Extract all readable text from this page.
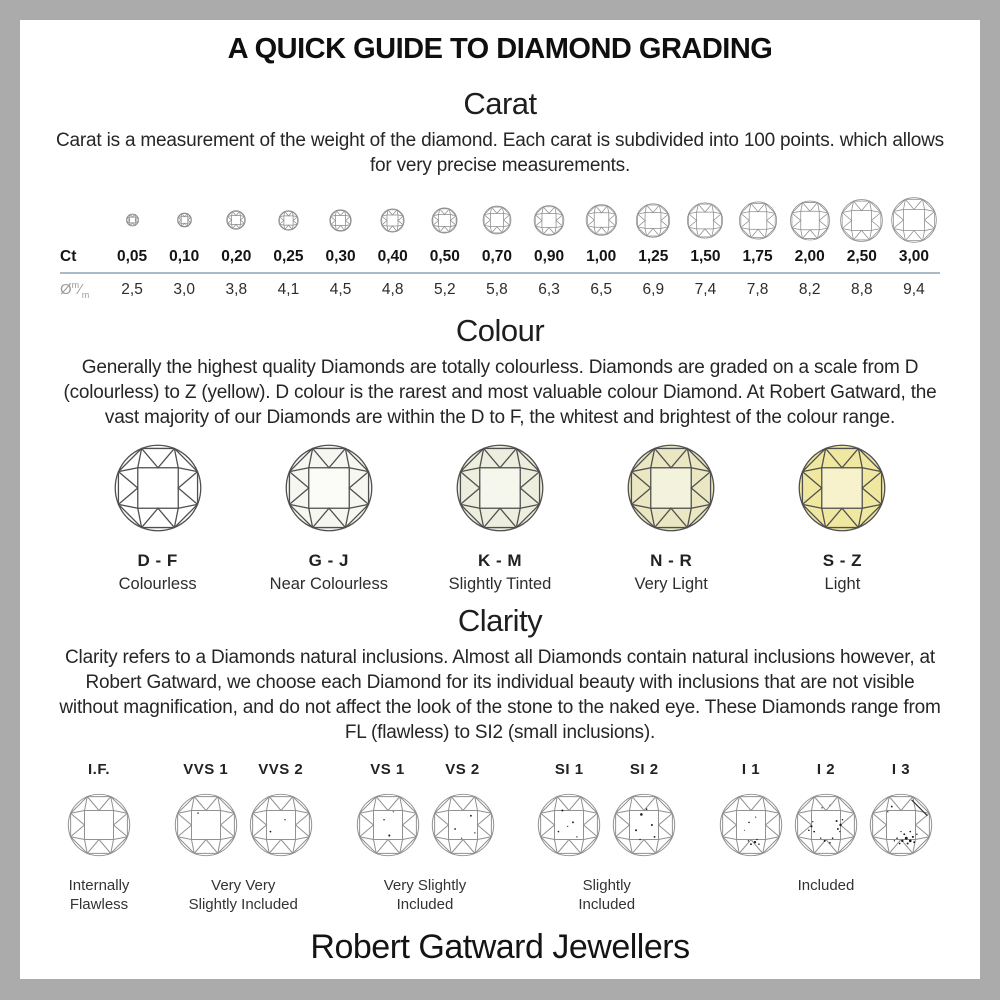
A QUICK GUIDE TO DIAMOND GRADING
Carat

Carat is a measurement of the weight of the diamond. Each carat is subdivided into 100 points. which allows for very precise measurements.

Ct	0,05	0,10	0,20	0,25	0,30	0,40	0,50	0,70	0,90	1,00	1,25	1,50	1,75	2,00	2,50	3,00
$Ø^m⁄_m$	2,5	3,0	3,8	4,1	4,5	4,8	5,2	5,8	6,3	6,5	6,9	7,4	7,8	8,2	8,8	9,4
Colour

Generally the highest quality Diamonds are totally colourless. Diamonds are graded on a scale from D (colourless) to Z (yellow). D colour is the rarest and most valuable colour Diamond. At Robert Gatward, the vast majority of our Diamonds are within the D to F, the whitest and brightest of the colour range.

D - F
Colourless
G - J
Near Colourless
K - M
Slightly Tinted
N - R
Very Light
S - Z
Light
Clarity

Clarity refers to a Diamonds natural inclusions. Almost all Diamonds contain natural inclusions however, at Robert Gatward, we choose each Diamond for its individual beauty with inclusions that are not visible without magnification, and do not affect the look of the stone to the naked eye. These Diamonds range from FL (flawless) to SI2 (small inclusions).

I.F.
Internally
Flawless
VVS 1 VVS 2
Very Very
Slightly Included
VS 1	VS 2
Very Slightly
Included
SI 1	SI 2
Slightly
Included
I 1	I 2	I 3
Included
Robert Gatward Jewellers
